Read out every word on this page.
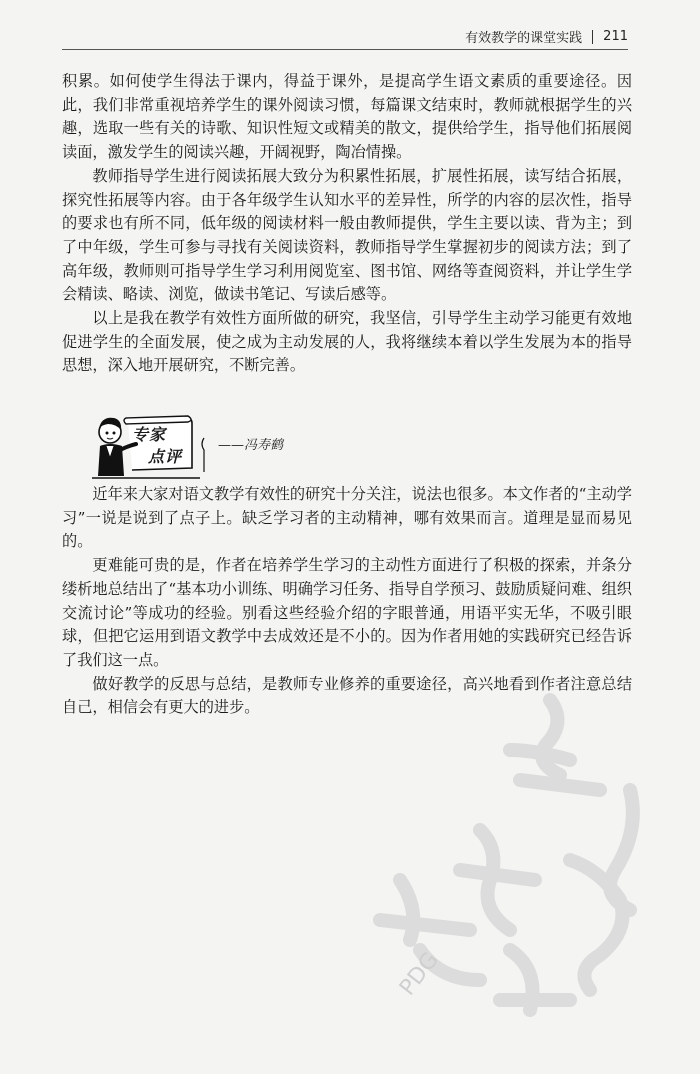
有效教学的课堂实践 211

积累。如何使学生得法于课内，得益于课外，是提高学生语文素质的重要途径。因此，我们非常重视培养学生的课外阅读习惯，每篇课文结束时，教师就根据学生的兴趣，选取一些有关的诗歌、知识性短文或精美的散文，提供给学生，指导他们拓展阅读面，激发学生的阅读兴趣，开阔视野，陶冶情操。

教师指导学生进行阅读拓展大致分为积累性拓展，扩展性拓展，读写结合拓展，探究性拓展等内容。由于各年级学生认知水平的差异性，所学的内容的层次性，指导的要求也有所不同，低年级的阅读材料一般由教师提供，学生主要以读、背为主；到了中年级，学生可参与寻找有关阅读资料，教师指导学生掌握初步的阅读方法；到了高年级，教师则可指导学生学习利用阅览室、图书馆、网络等查阅资料，并让学生学会精读、略读、浏览，做读书笔记、写读后感等。

以上是我在教学有效性方面所做的研究，我坚信，引导学生主动学习能更有效地促进学生的全面发展，使之成为主动发展的人，我将继续本着以学生发展为本的指导思想，深入地开展研究，不断完善。

专家
点评
——冯寿鹤

近年来大家对语文教学有效性的研究十分关注，说法也很多。本文作者的“主动学习”一说是说到了点子上。缺乏学习者的主动精神，哪有效果而言。道理是显而易见的。

更难能可贵的是，作者在培养学生学习的主动性方面进行了积极的探索，并条分缕析地总结出了“基本功小训练、明确学习任务、指导自学预习、鼓励质疑问难、组织交流讨论”等成功的经验。别看这些经验介绍的字眼普通，用语平实无华，不吸引眼球，但把它运用到语文教学中去成效还是不小的。因为作者用她的实践研究已经告诉了我们这一点。

做好教学的反思与总结，是教师专业修养的重要途径，高兴地看到作者注意总结自己，相信会有更大的进步。

PDG
